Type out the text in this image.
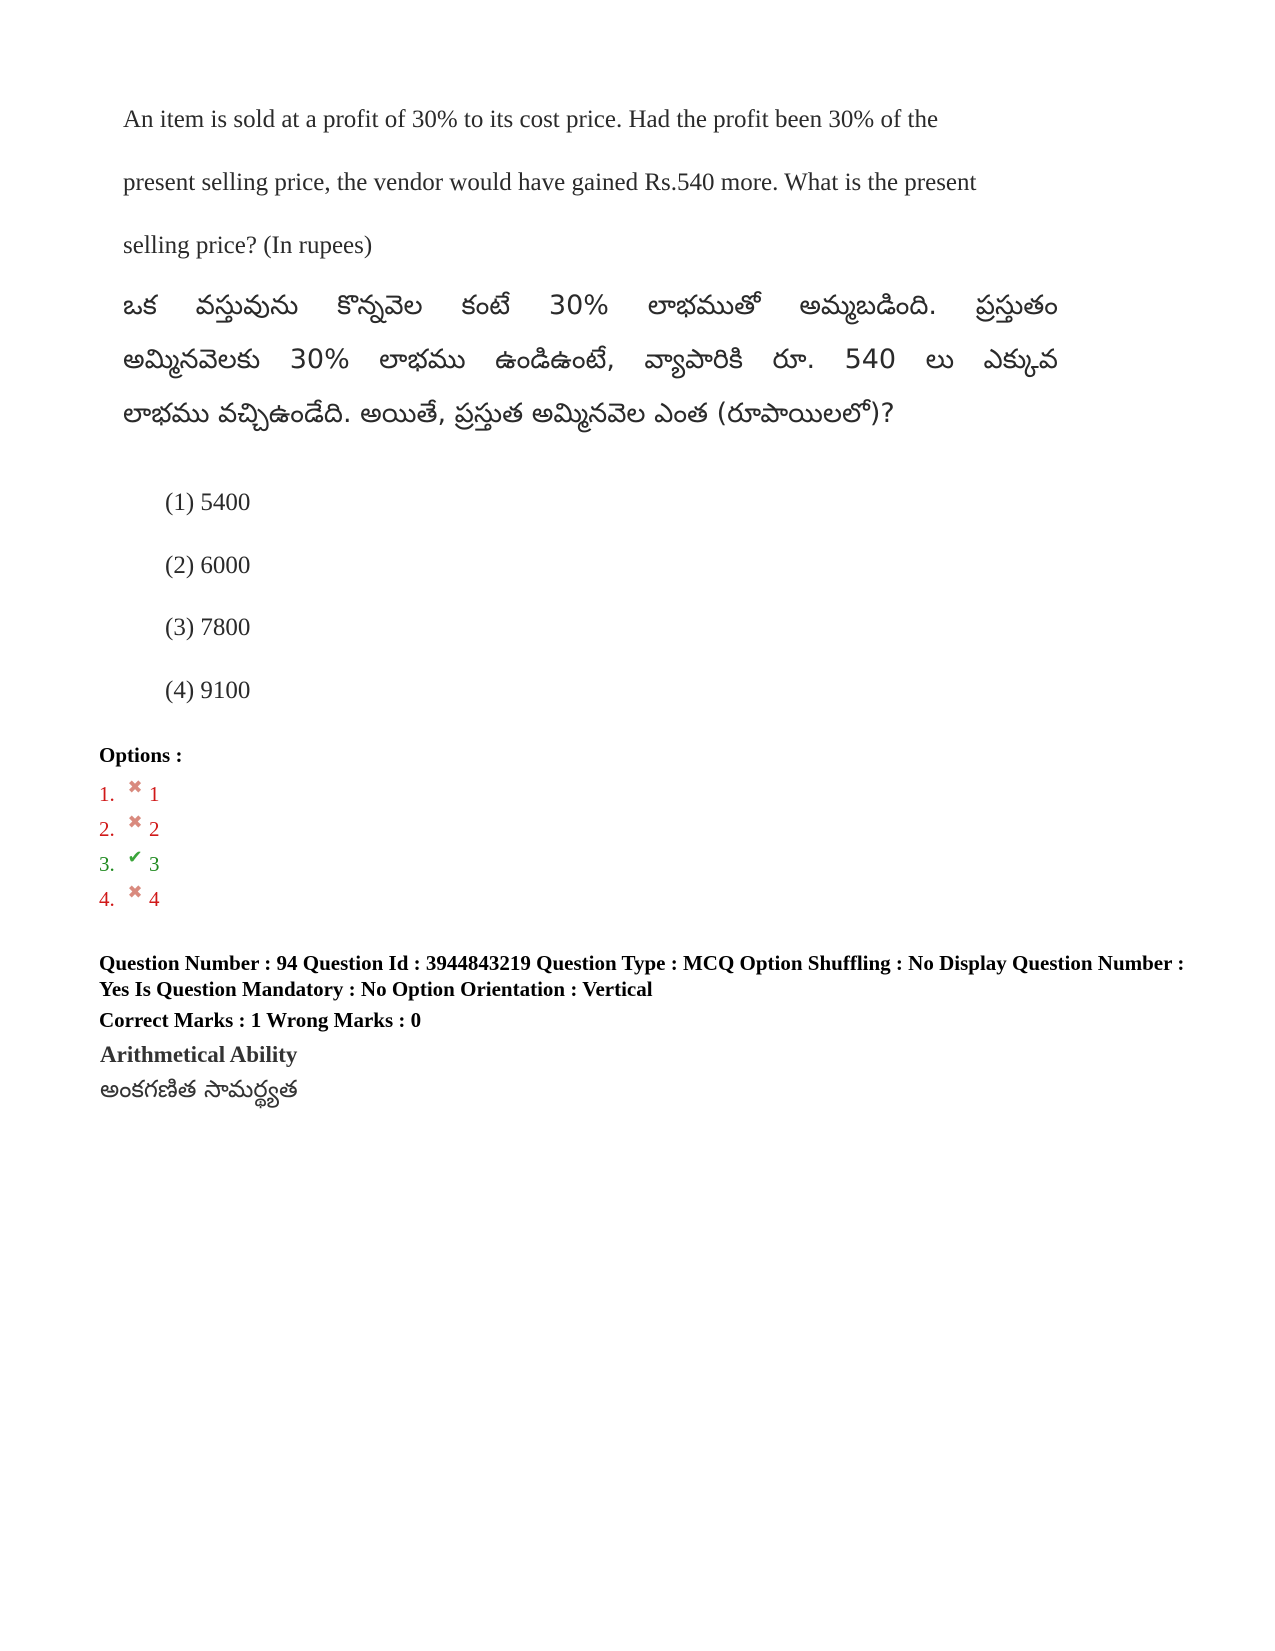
An item is sold at a profit of 30% to its cost price. Had the profit been 30% of the
present selling price, the vendor would have gained Rs.540 more. What is the present
selling price? (In rupees)
ఒక వస్తువును కొన్నవెల కంటే 30% లాభముతో అమ్మబడింది. ప్రస్తుతం
అమ్మినవెలకు 30% లాభము ఉండిఉంటే, వ్యాపారికి రూ. 540 లు ఎక్కువ
లాభము వచ్చిఉండేది. అయితే, ప్రస్తుత అమ్మినవెల ఎంత (రూపాయిలలో)?
(1) 5400
(2) 6000
(3) 7800
(4) 9100
Options :
1. ✖ 1
2. ✖ 2
3. ✔ 3
4. ✖ 4
Question Number : 94 Question Id : 3944843219 Question Type : MCQ Option Shuffling : No Display Question Number : Yes Is Question Mandatory : No Option Orientation : Vertical
Correct Marks : 1 Wrong Marks : 0
Arithmetical Ability
అంకగణిత సామర్థ్యత
